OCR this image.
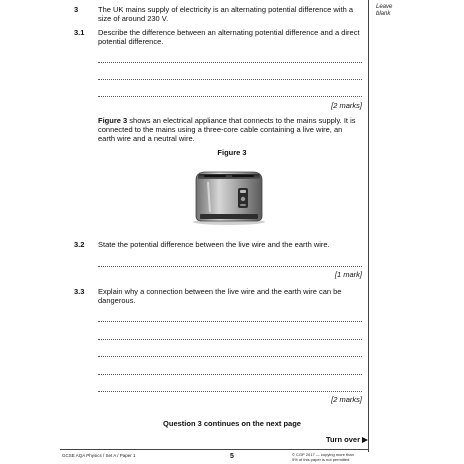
Leave
blank
3	The UK mains supply of electricity is an alternating potential difference with a size of around 230 V.
3.1 Describe the difference between an alternating potential difference and a direct potential difference.
[2 marks]
Figure 3 shows an electrical appliance that connects to the mains supply. It is connected to the mains using a three-core cable containing a live wire, an earth wire and a neutral wire.
Figure 3
3.2 State the potential difference between the live wire and the earth wire.
[1 mark]
3.3 Explain why a connection between the live wire and the earth wire can be dangerous.
[2 marks]
Question 3 continues on the next page
Turn over
GCSE AQA Physics / Set A / Paper 1	5	© CGP 2017 — copying more than
5% of this paper is not permitted
